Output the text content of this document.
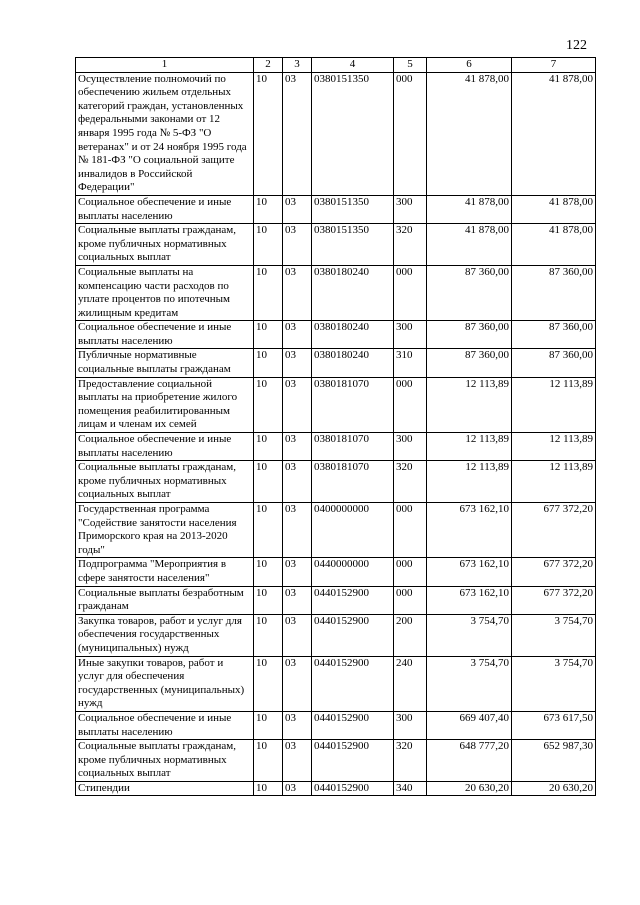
122
1	2	3	4	5	6	7
Осуществление полномочий по обеспечению жильем отдельных категорий граждан, установленных федеральными законами от 12 января 1995 года № 5-ФЗ "О ветеранах" и от 24 ноября 1995 года № 181-ФЗ "О социальной защите инвалидов в Российской Федерации"	10	03	0380151350	000	41 878,00	41 878,00
Социальное обеспечение и иные выплаты населению	10	03	0380151350	300	41 878,00	41 878,00
Социальные выплаты гражданам, кроме публичных нормативных социальных выплат	10	03	0380151350	320	41 878,00	41 878,00
Социальные выплаты на компенсацию части расходов по уплате процентов по ипотечным жилищным кредитам	10	03	0380180240	000	87 360,00	87 360,00
Социальное обеспечение и иные выплаты населению	10	03	0380180240	300	87 360,00	87 360,00
Публичные нормативные социальные выплаты гражданам	10	03	0380180240	310	87 360,00	87 360,00
Предоставление социальной выплаты на приобретение жилого помещения реабилитированным лицам и членам их семей	10	03	0380181070	000	12 113,89	12 113,89
Социальное обеспечение и иные выплаты населению	10	03	0380181070	300	12 113,89	12 113,89
Социальные выплаты гражданам, кроме публичных нормативных социальных выплат	10	03	0380181070	320	12 113,89	12 113,89
Государственная программа "Содействие занятости населения Приморского края на 2013-2020 годы"	10	03	0400000000	000	673 162,10	677 372,20
Подпрограмма "Мероприятия в сфере занятости населения"	10	03	0440000000	000	673 162,10	677 372,20
Социальные выплаты безработным гражданам	10	03	0440152900	000	673 162,10	677 372,20
Закупка товаров, работ и услуг для обеспечения государственных (муниципальных) нужд	10	03	0440152900	200	3 754,70	3 754,70
Иные закупки товаров, работ и услуг для обеспечения государственных (муниципальных) нужд	10	03	0440152900	240	3 754,70	3 754,70
Социальное обеспечение и иные выплаты населению	10	03	0440152900	300	669 407,40	673 617,50
Социальные выплаты гражданам, кроме публичных нормативных социальных выплат	10	03	0440152900	320	648 777,20	652 987,30
Стипендии	10	03	0440152900	340	20 630,20	20 630,20
